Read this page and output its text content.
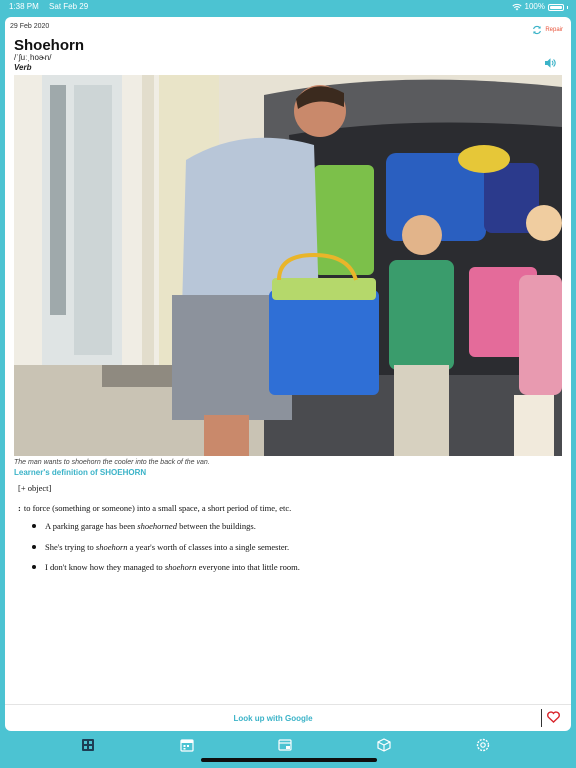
1:38 PM Sat Feb 29	100%
29 Feb 2020	Repair
Shoehorn
/ˈʃuːˌhoɚn/
Verb
The man wants to shoehorn the cooler into the back of the van.
Learner's definition of SHOEHORN
[+ object]
: to force (something or someone) into a small space, a short period of time, etc.
A parking garage has been shoehorned between the buildings.
She's trying to shoehorn a year's worth of classes into a single semester.
I don't know how they managed to shoehorn everyone into that little room.
Look up with Google
